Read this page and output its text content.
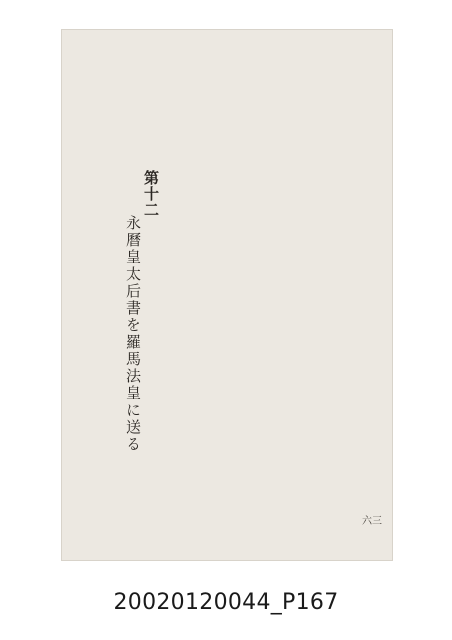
第十二
永曆皇太后書を羅馬法皇に送る
六三
20020120044_P167
